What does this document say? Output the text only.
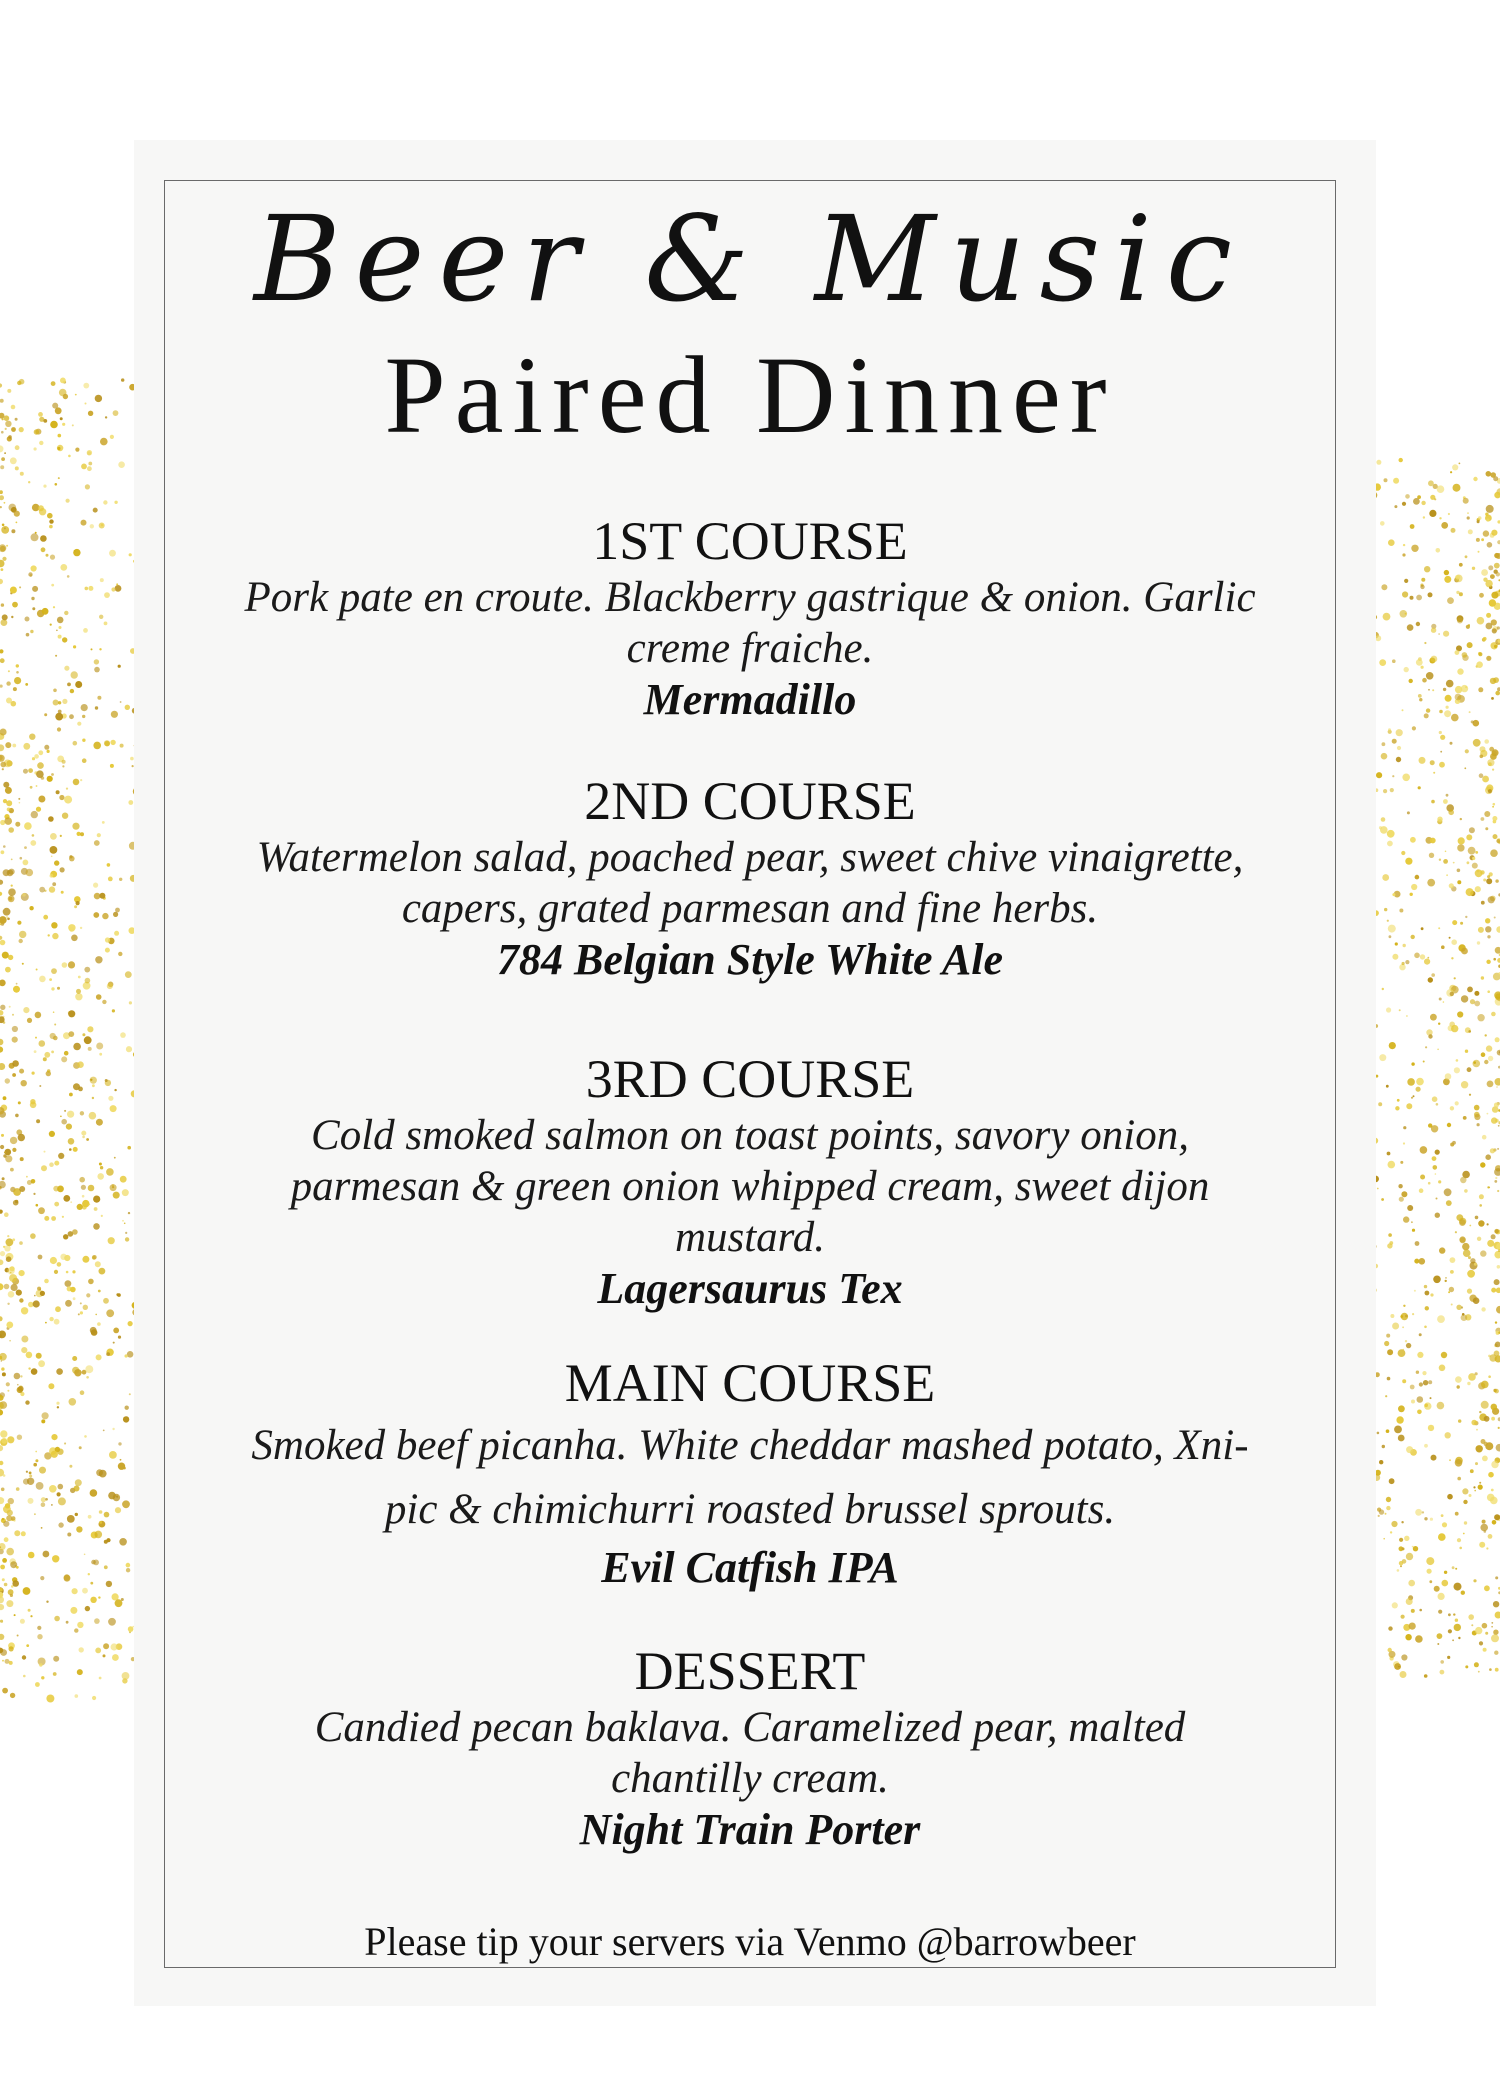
Beer & Music
Paired Dinner
1ST COURSE
Pork pate en croute. Blackberry gastrique & onion. Garlic creme fraiche.
Mermadillo
2ND COURSE
Watermelon salad, poached pear, sweet chive vinaigrette, capers, grated parmesan and fine herbs.
784 Belgian Style White Ale
3RD COURSE
Cold smoked salmon on toast points, savory onion, parmesan & green onion whipped cream, sweet dijon mustard.
Lagersaurus Tex
MAIN COURSE
Smoked beef picanha. White cheddar mashed potato, Xni-pic & chimichurri roasted brussel sprouts.
Evil Catfish IPA
DESSERT
Candied pecan baklava. Caramelized pear, malted chantilly cream.
Night Train Porter
Please tip your servers via Venmo @barrowbeer
